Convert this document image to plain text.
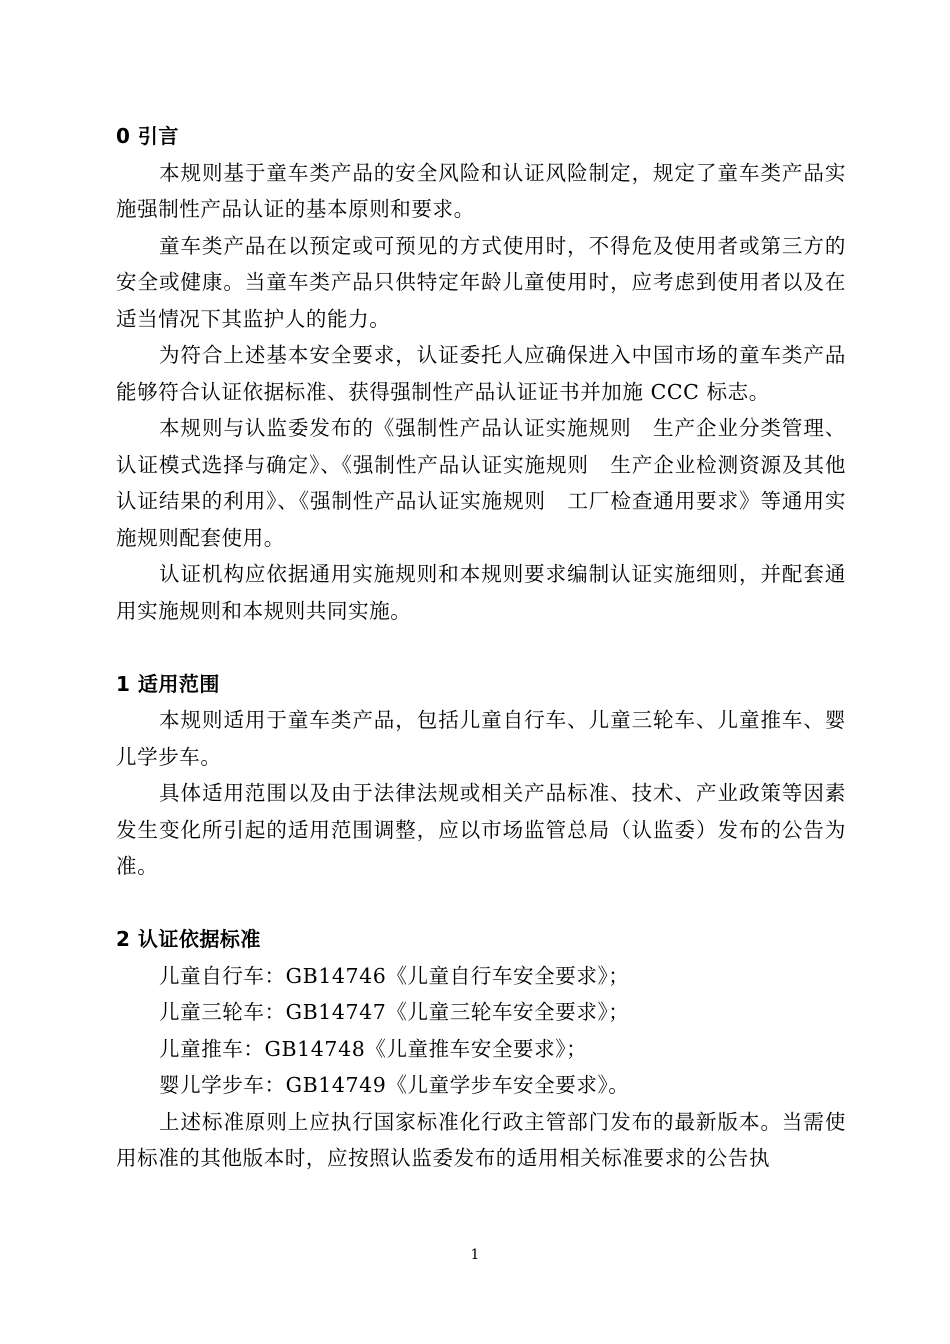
0 引言

本规则基于童车类产品的安全风险和认证风险制定，规定了童车类产品实施强制性产品认证的基本原则和要求。

童车类产品在以预定或可预见的方式使用时，不得危及使用者或第三方的安全或健康。当童车类产品只供特定年龄儿童使用时，应考虑到使用者以及在适当情况下其监护人的能力。

为符合上述基本安全要求，认证委托人应确保进入中国市场的童车类产品能够符合认证依据标准、获得强制性产品认证证书并加施 CCC 标志。

本规则与认监委发布的《强制性产品认证实施规则　生产企业分类管理、认证模式选择与确定》、《强制性产品认证实施规则　生产企业检测资源及其他认证结果的利用》、《强制性产品认证实施规则　工厂检查通用要求》等通用实施规则配套使用。

认证机构应依据通用实施规则和本规则要求编制认证实施细则，并配套通用实施规则和本规则共同实施。

1 适用范围

本规则适用于童车类产品，包括儿童自行车、儿童三轮车、儿童推车、婴儿学步车。

具体适用范围以及由于法律法规或相关产品标准、技术、产业政策等因素发生变化所引起的适用范围调整，应以市场监管总局（认监委）发布的公告为准。

2 认证依据标准

儿童自行车：GB14746《儿童自行车安全要求》；

儿童三轮车：GB14747《儿童三轮车安全要求》；

儿童推车：GB14748《儿童推车安全要求》；

婴儿学步车：GB14749《儿童学步车安全要求》。

上述标准原则上应执行国家标准化行政主管部门发布的最新版本。当需使用标准的其他版本时，应按照认监委发布的适用相关标准要求的公告执

1
